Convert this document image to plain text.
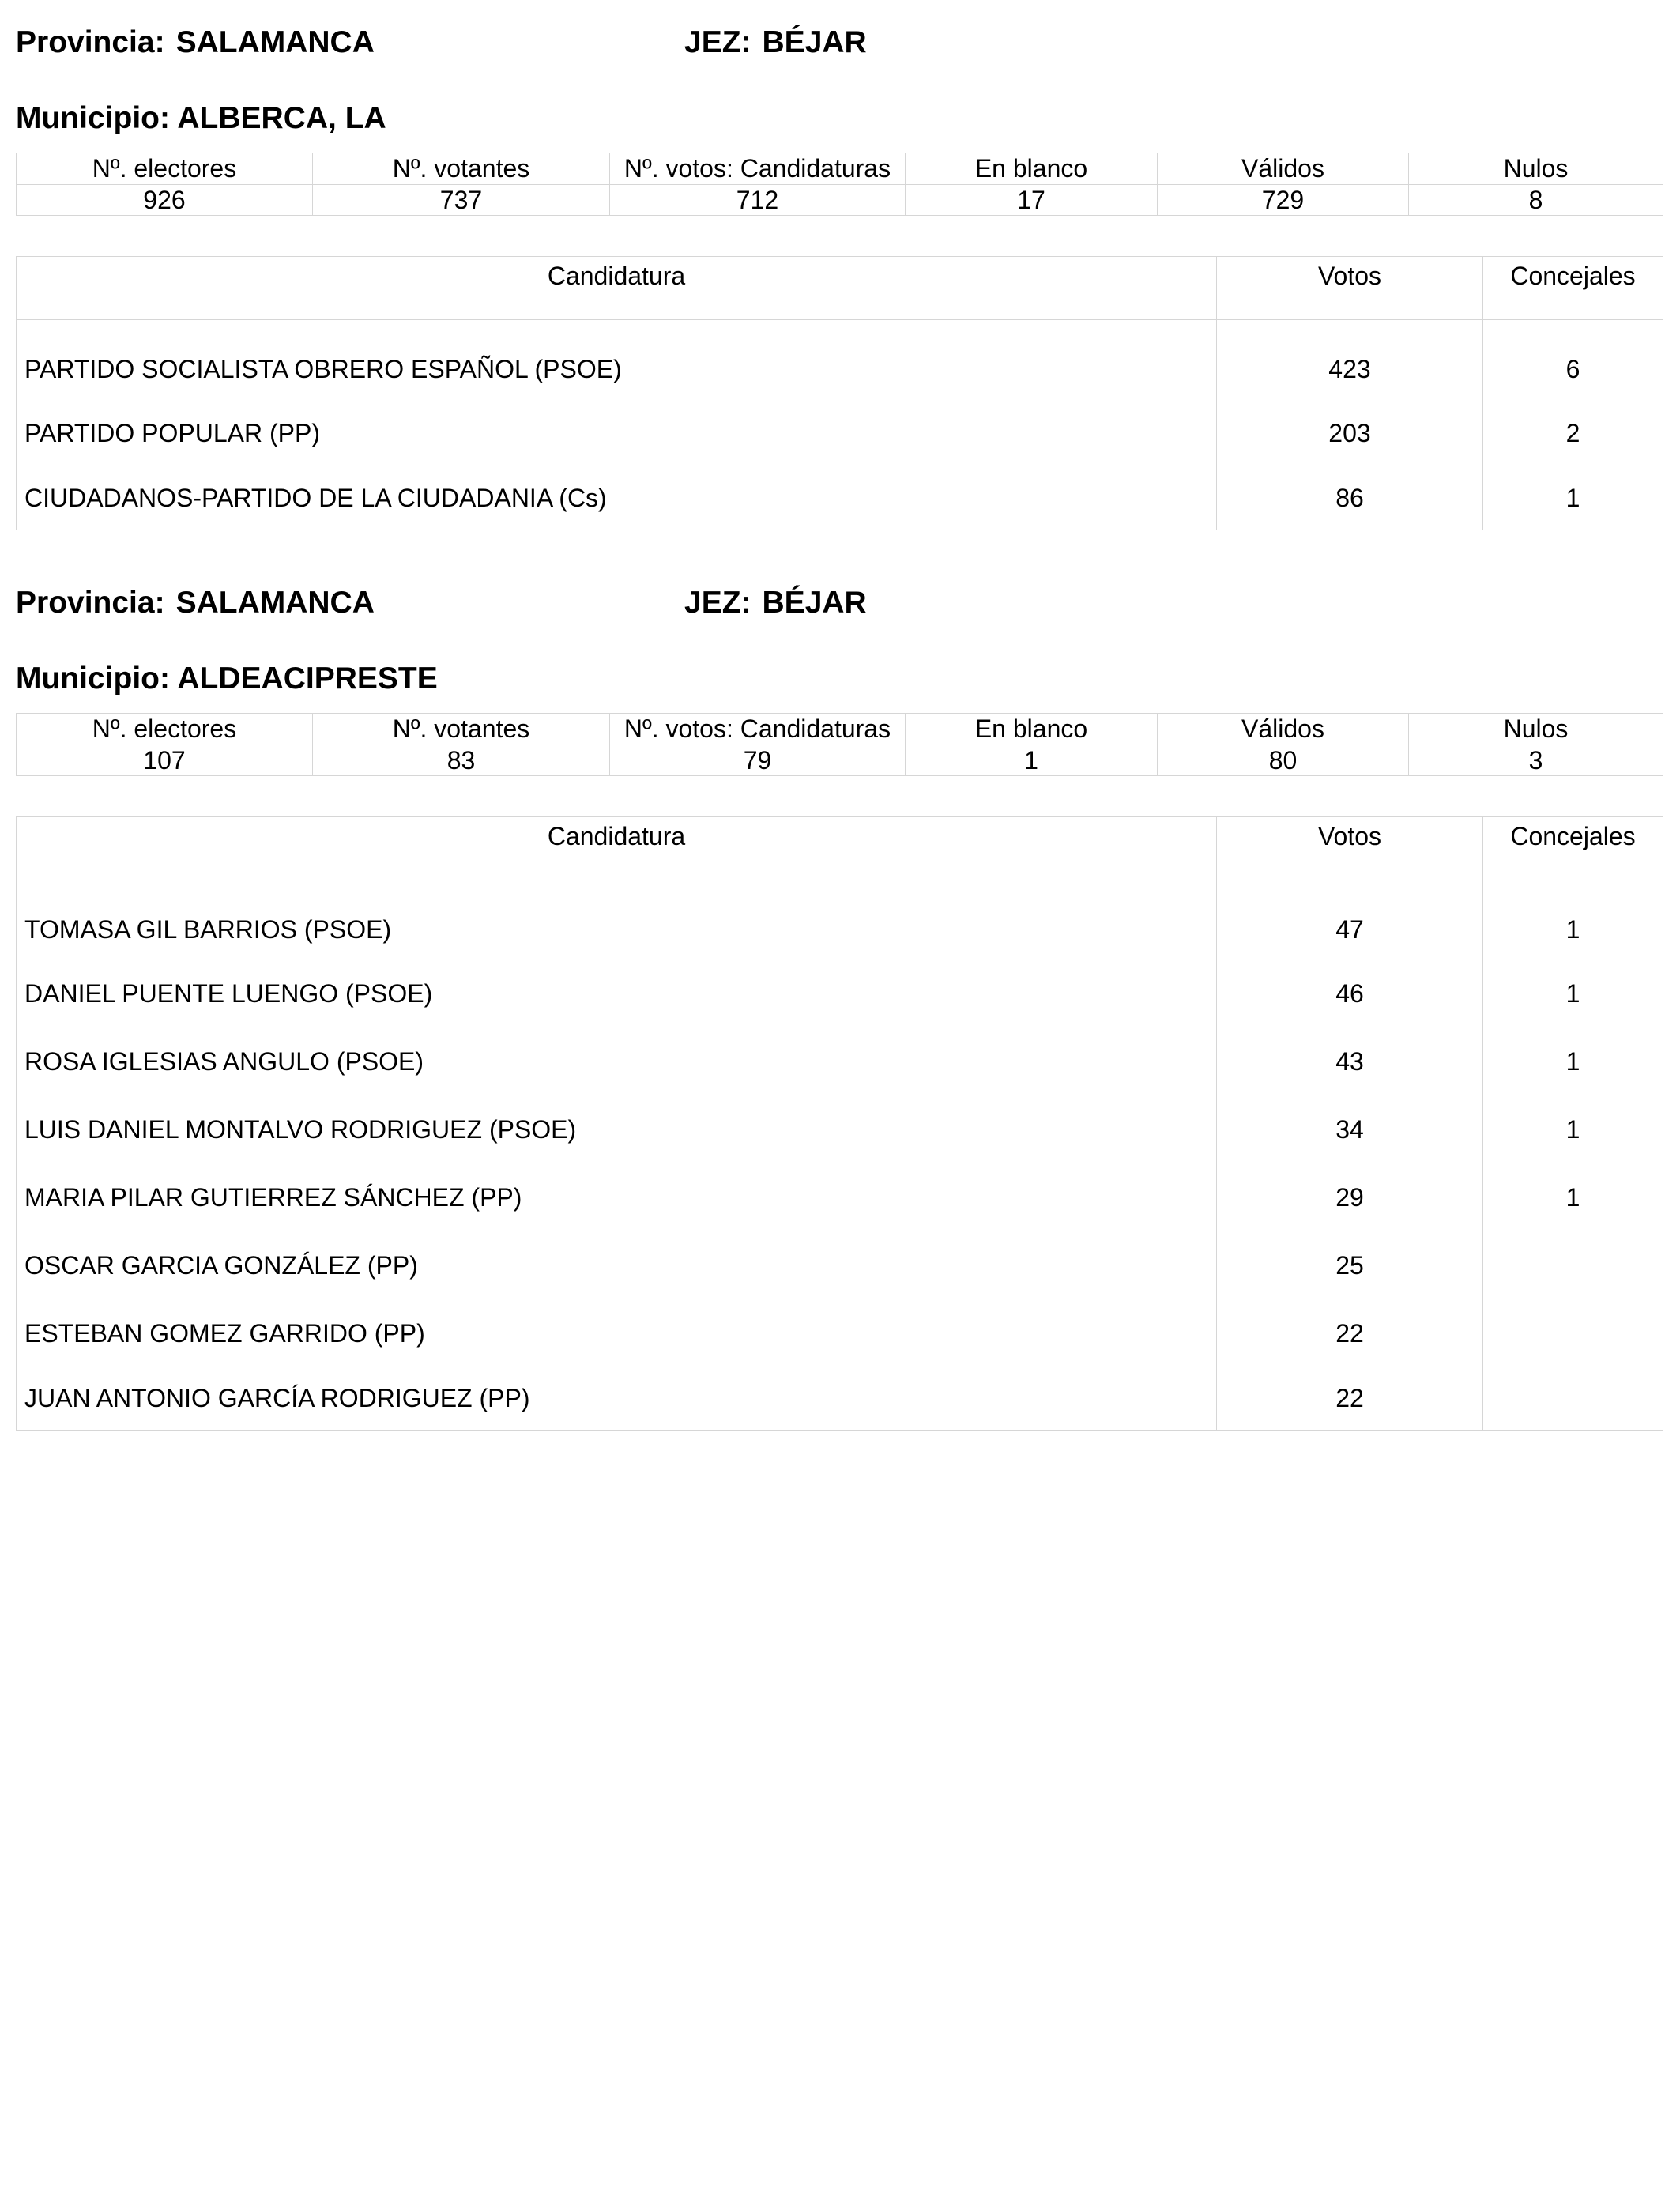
Provincia: SALAMANCA	JEZ: BÉJAR
Municipio: ALBERCA, LA
Nº. electores	Nº. votantes	Nº. votos: Candidaturas	En blanco	Válidos	Nulos
926	737	712	17	729	8
Candidatura	Votos	Concejales
PARTIDO SOCIALISTA OBRERO ESPAÑOL (PSOE)	423	6
PARTIDO POPULAR (PP)	203	2
CIUDADANOS-PARTIDO DE LA CIUDADANIA (Cs)	86	1
Provincia: SALAMANCA	JEZ: BÉJAR
Municipio: ALDEACIPRESTE
Nº. electores	Nº. votantes	Nº. votos: Candidaturas	En blanco	Válidos	Nulos
107	83	79	1	80	3
Candidatura	Votos	Concejales
TOMASA GIL BARRIOS (PSOE)	47	1
DANIEL PUENTE LUENGO (PSOE)	46	1
ROSA IGLESIAS ANGULO (PSOE)	43	1
LUIS DANIEL MONTALVO RODRIGUEZ (PSOE)	34	1
MARIA PILAR GUTIERREZ SÁNCHEZ (PP)	29	1
OSCAR GARCIA GONZÁLEZ (PP)	25	
ESTEBAN GOMEZ GARRIDO (PP)	22	
JUAN ANTONIO GARCÍA RODRIGUEZ (PP)	22	
